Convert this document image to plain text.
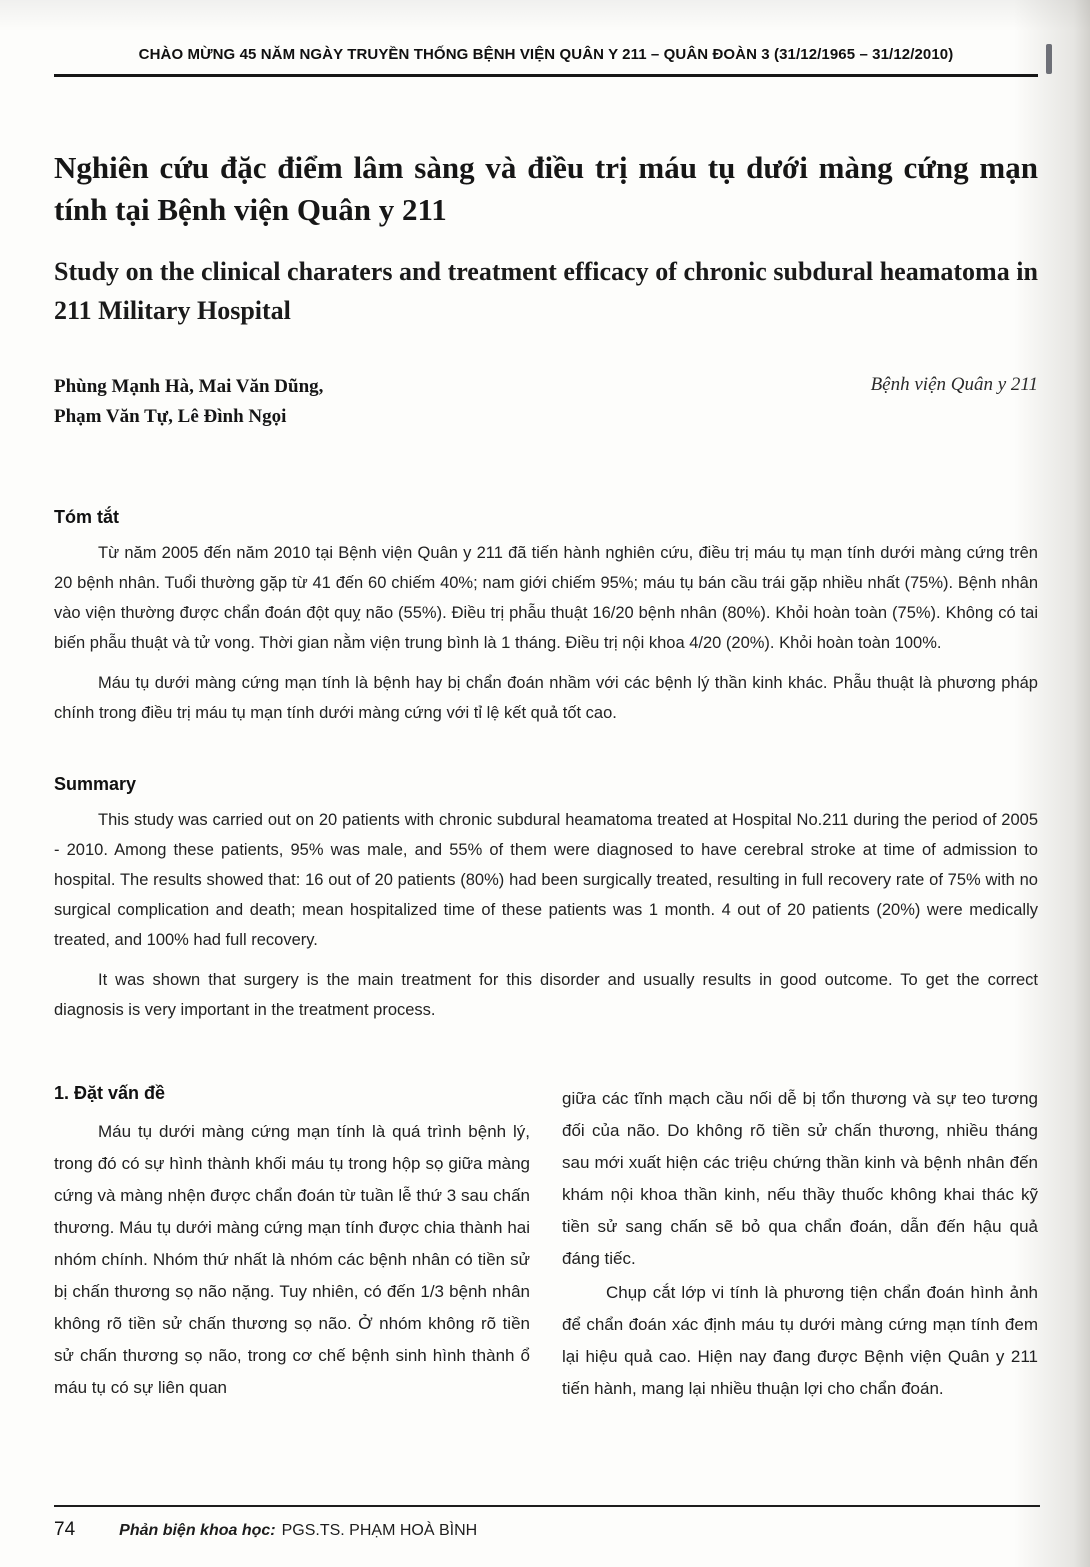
CHÀO MỪNG 45 NĂM NGÀY TRUYỀN THỐNG BỆNH VIỆN QUÂN Y 211 – QUÂN ĐOÀN 3 (31/12/1965 – 31/12/2010)
Nghiên cứu đặc điểm lâm sàng và điều trị máu tụ dưới màng cứng mạn tính tại Bệnh viện Quân y 211
Study on the clinical charaters and treatment efficacy of chronic subdural heamatoma in 211 Military Hospital
Phùng Mạnh Hà, Mai Văn Dũng,
Phạm Văn Tự, Lê Đình Ngọi
Bệnh viện Quân y 211
Tóm tắt

Từ năm 2005 đến năm 2010 tại Bệnh viện Quân y 211 đã tiến hành nghiên cứu, điều trị máu tụ mạn tính dưới màng cứng trên 20 bệnh nhân. Tuổi thường gặp từ 41 đến 60 chiếm 40%; nam giới chiếm 95%; máu tụ bán cầu trái gặp nhiều nhất (75%). Bệnh nhân vào viện thường được chẩn đoán đột quỵ não (55%). Điều trị phẫu thuật 16/20 bệnh nhân (80%). Khỏi hoàn toàn (75%). Không có tai biến phẫu thuật và tử vong. Thời gian nằm viện trung bình là 1 tháng. Điều trị nội khoa 4/20 (20%). Khỏi hoàn toàn 100%.

Máu tụ dưới màng cứng mạn tính là bệnh hay bị chẩn đoán nhầm với các bệnh lý thần kinh khác. Phẫu thuật là phương pháp chính trong điều trị máu tụ mạn tính dưới màng cứng với tỉ lệ kết quả tốt cao.

Summary

This study was carried out on 20 patients with chronic subdural heamatoma treated at Hospital No.211 during the period of 2005 - 2010. Among these patients, 95% was male, and 55% of them were diagnosed to have cerebral stroke at time of admission to hospital. The results showed that: 16 out of 20 patients (80%) had been surgically treated, resulting in full recovery rate of 75% with no surgical complication and death; mean hospitalized time of these patients was 1 month. 4 out of 20 patients (20%) were medically treated, and 100% had full recovery.

It was shown that surgery is the main treatment for this disorder and usually results in good outcome. To get the correct diagnosis is very important in the treatment process.

1. Đặt vấn đề

Máu tụ dưới màng cứng mạn tính là quá trình bệnh lý, trong đó có sự hình thành khối máu tụ trong hộp sọ giữa màng cứng và màng nhện được chẩn đoán từ tuần lễ thứ 3 sau chấn thương. Máu tụ dưới màng cứng mạn tính được chia thành hai nhóm chính. Nhóm thứ nhất là nhóm các bệnh nhân có tiền sử bị chấn thương sọ não nặng. Tuy nhiên, có đến 1/3 bệnh nhân không rõ tiền sử chấn thương sọ não. Ở nhóm không rõ tiền sử chấn thương sọ não, trong cơ chế bệnh sinh hình thành ổ máu tụ có sự liên quan

giữa các tĩnh mạch cầu nối dễ bị tổn thương và sự teo tương đối của não. Do không rõ tiền sử chấn thương, nhiều tháng sau mới xuất hiện các triệu chứng thần kinh và bệnh nhân đến khám nội khoa thần kinh, nếu thầy thuốc không khai thác kỹ tiền sử sang chấn sẽ bỏ qua chẩn đoán, dẫn đến hậu quả đáng tiếc.

Chụp cắt lớp vi tính là phương tiện chẩn đoán hình ảnh để chẩn đoán xác định máu tụ dưới màng cứng mạn tính đem lại hiệu quả cao. Hiện nay đang được Bệnh viện Quân y 211 tiến hành, mang lại nhiều thuận lợi cho chẩn đoán.

74	Phản biện khoa học: PGS.TS. PHẠM HOÀ BÌNH
